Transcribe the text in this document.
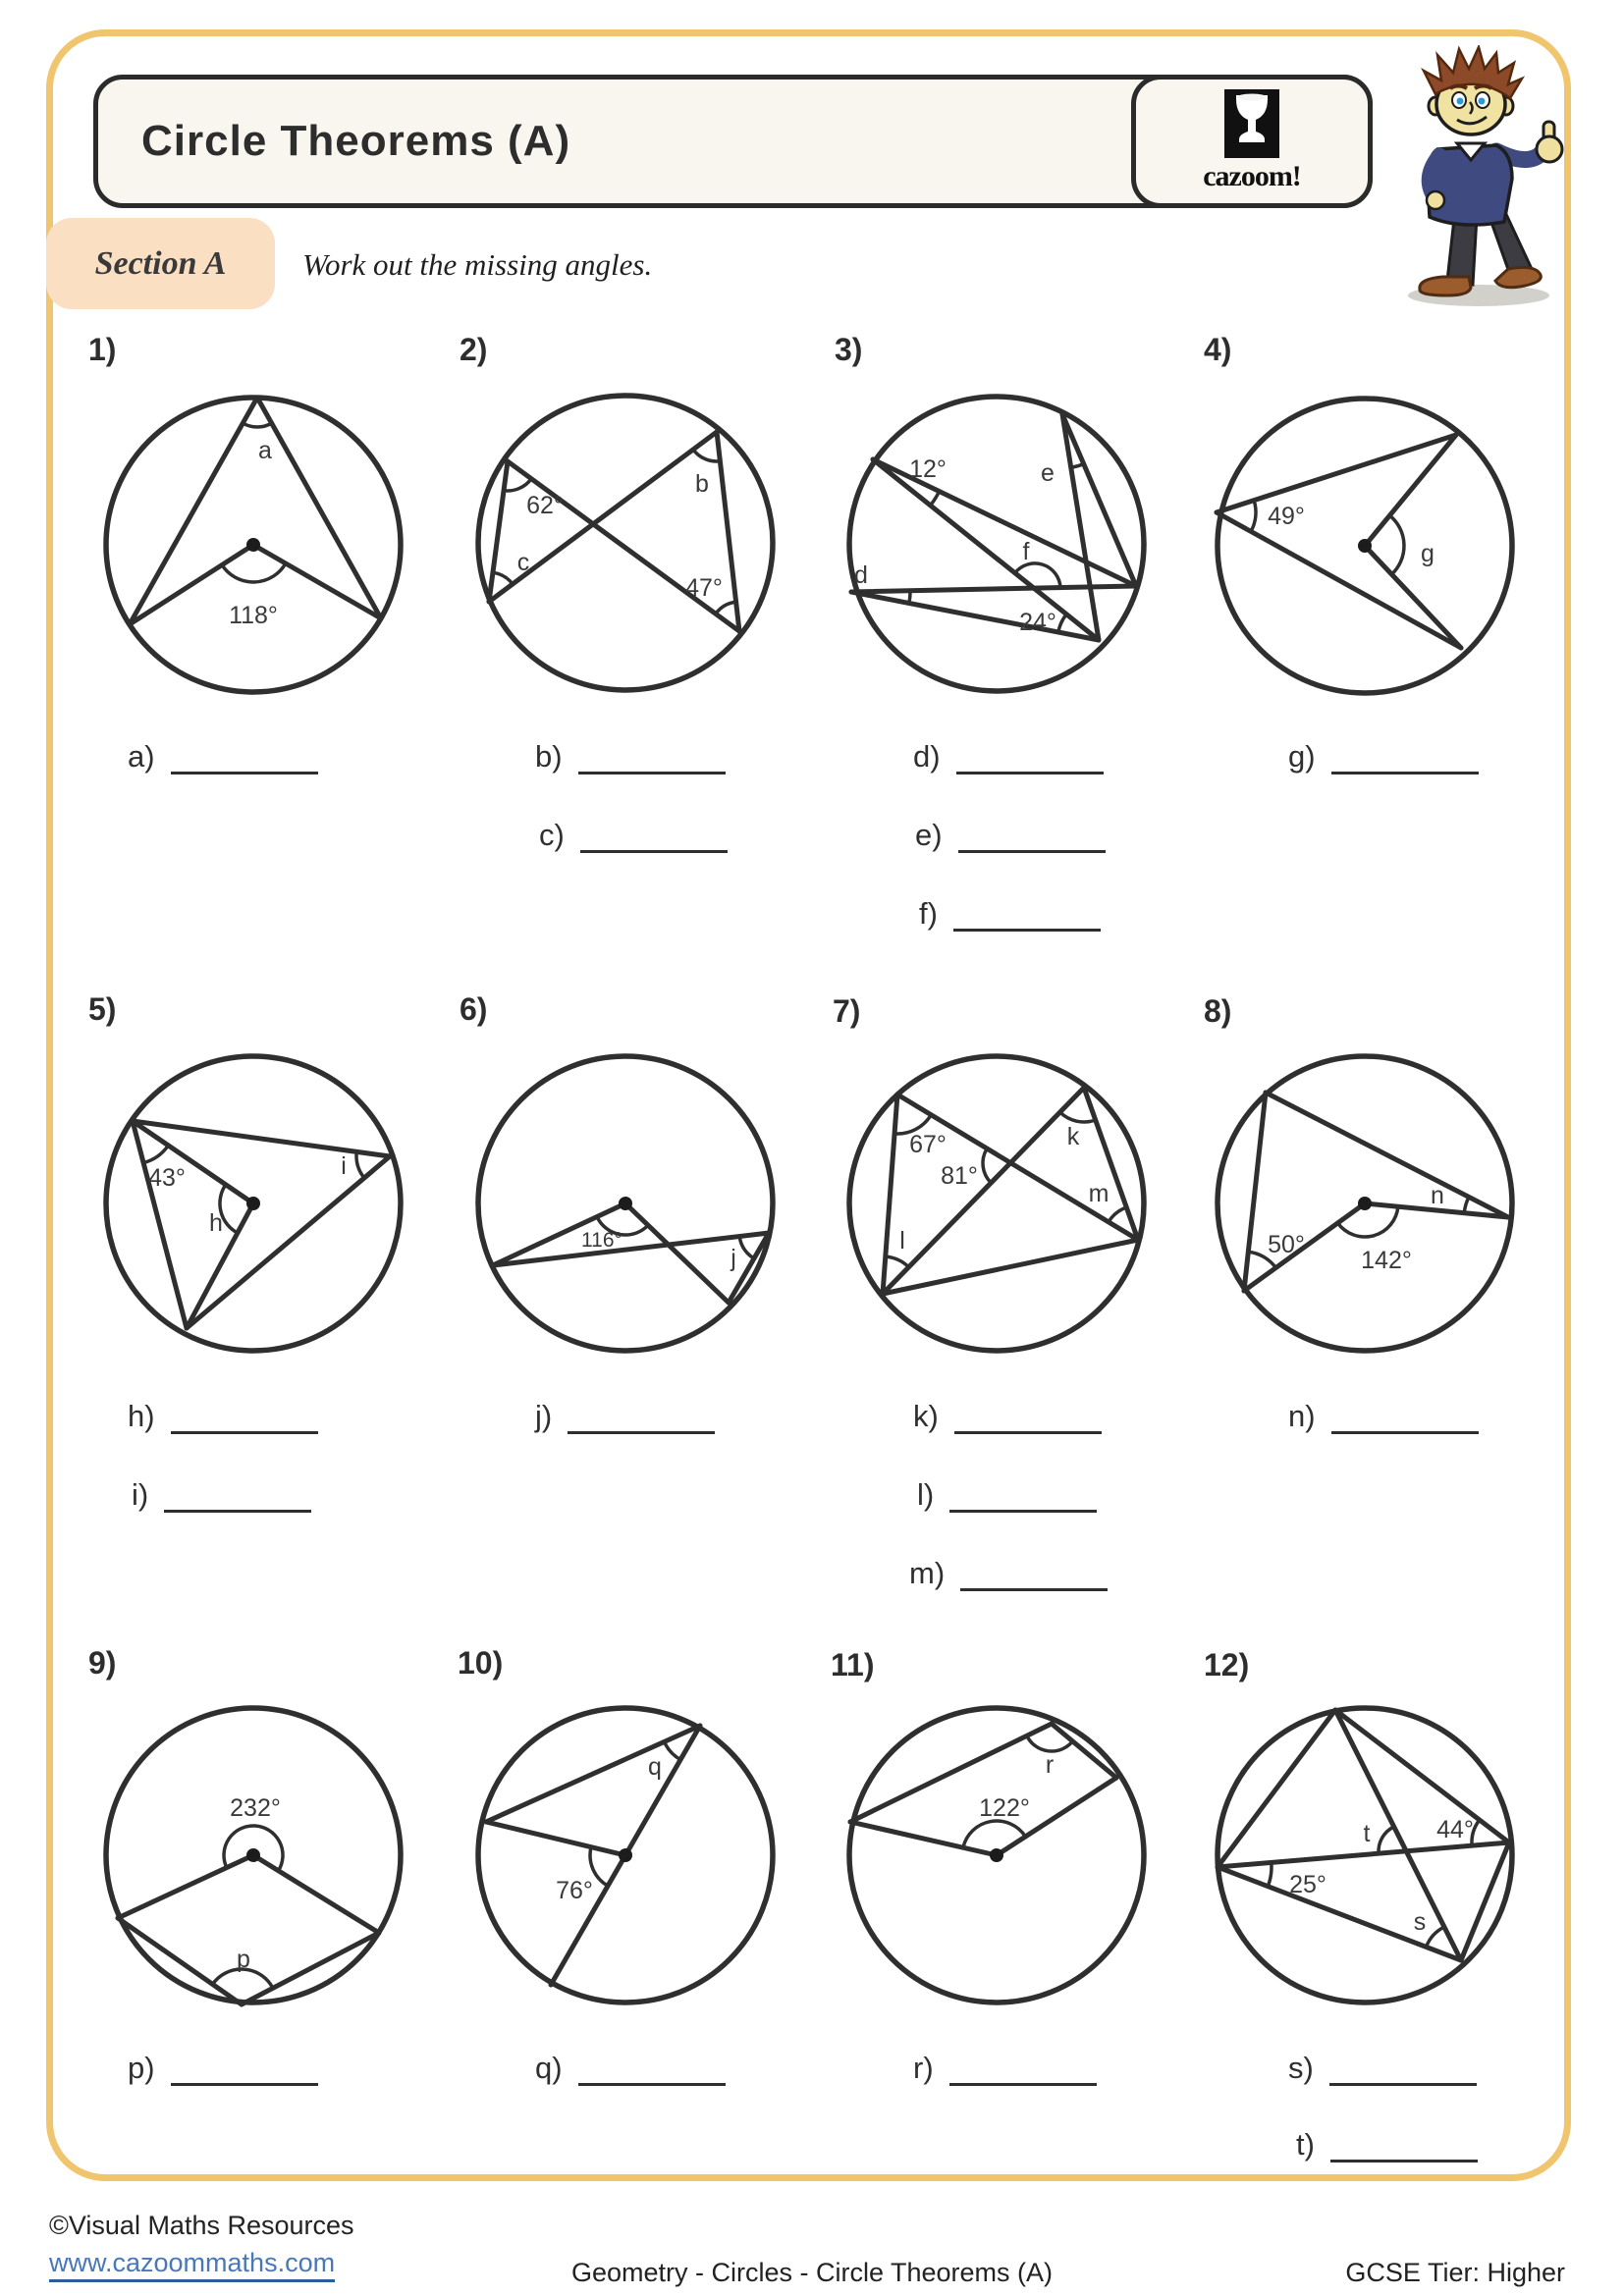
Circle Theorems (A)
cazoom!
Section A	Work out the missing angles.
1)	2)	3)	4)
5)	6)	7)	8)
9)	10)	11)	12)
a
118°
62°
c
b
47°
12°	e
d
f
24°
49°
g
43°
h
i
116°
j
67°
81°
k
m
l	50°
142°
n
232°
p
76°
q
122°
r
t	44°
25°
s
a)	b)
c)
d)
e)
f)
g)
h)
i)
j)	k)
l)
m)
n)
p)	q)	r)	s)
t)
©Visual Maths Resources
www.cazoommaths.com	Geometry - Circles - Circle Theorems (A)	GCSE Tier: Higher
